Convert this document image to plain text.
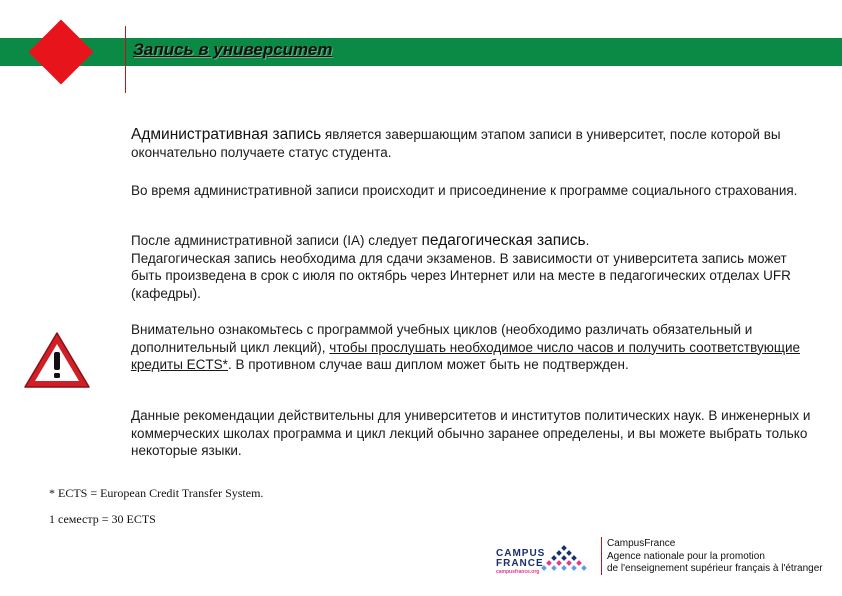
Запись в университет

Административная запись является завершающим этапом записи в университет, после которой вы окончательно получаете статус студента.

Во время административной записи происходит и присоединение к программе социального страхования.

После административной записи (IA) следует педагогическая запись.

Педагогическая запись необходима для сдачи экзаменов. В зависимости от университета запись может быть произведена в срок с июля по октябрь через Интернет или на месте в педагогических отделах UFR (кафедры).

Внимательно ознакомьтесь с программой учебных циклов (необходимо различать обязательный и дополнительный цикл лекций), чтобы прослушать необходимое число часов и получить соответствующие кредиты ECTS*. В противном случае ваш диплом может быть не подтвержден.

Данные рекомендации действительны для университетов и институтов политических наук. В инженерных и коммерческих школах программа и цикл лекций обычно заранее определены, и вы можете выбрать только некоторые языки.

* ECTS = European Credit Transfer System.
1 семестр = 30 ECTS
CAMPUS
FRANCE
campusfrance.org
CampusFrance
Agence nationale pour la promotion
de l'enseignement supérieur français à l'étranger
